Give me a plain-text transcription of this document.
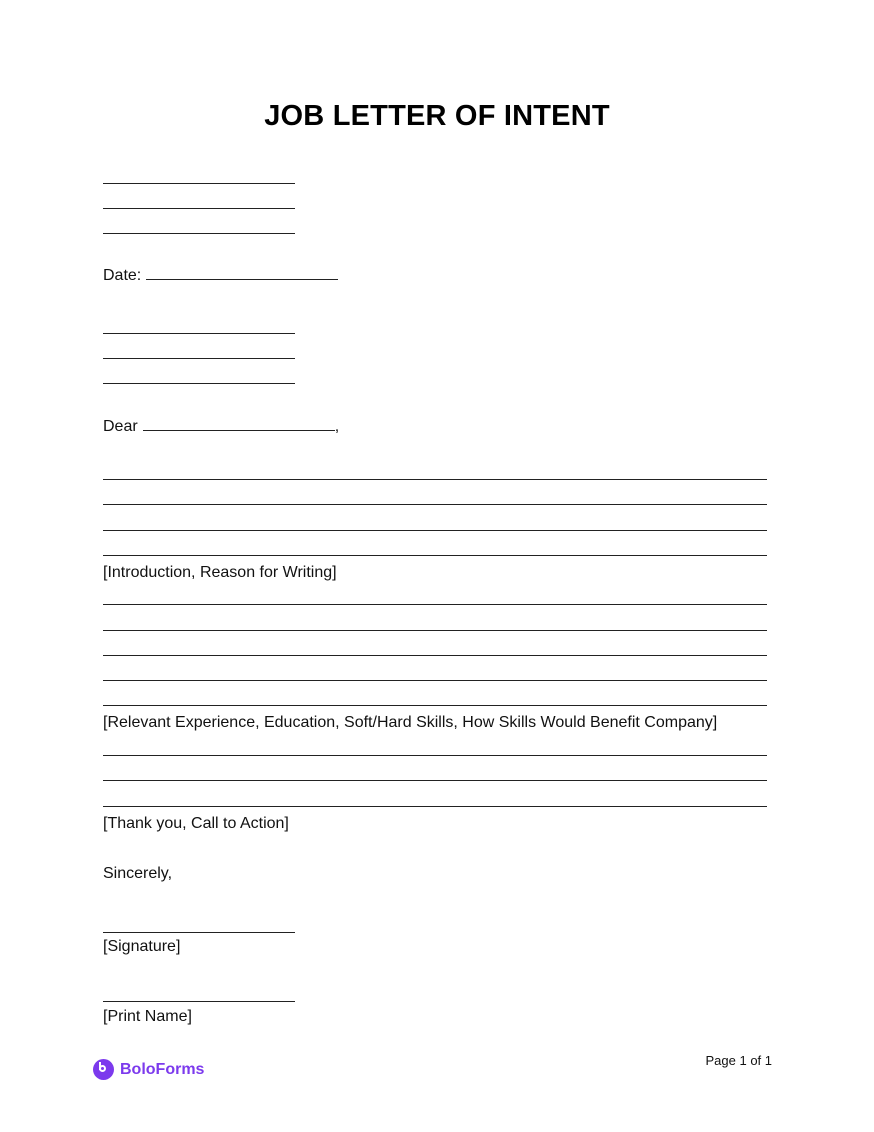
JOB LETTER OF INTENT
Date:
Dear	,
[Introduction, Reason for Writing]
[Relevant Experience, Education, Soft/Hard Skills, How Skills Would Benefit Company]
[Thank you, Call to Action]
Sincerely,
[Signature]
[Print Name]
BoloForms	Page 1 of 1
